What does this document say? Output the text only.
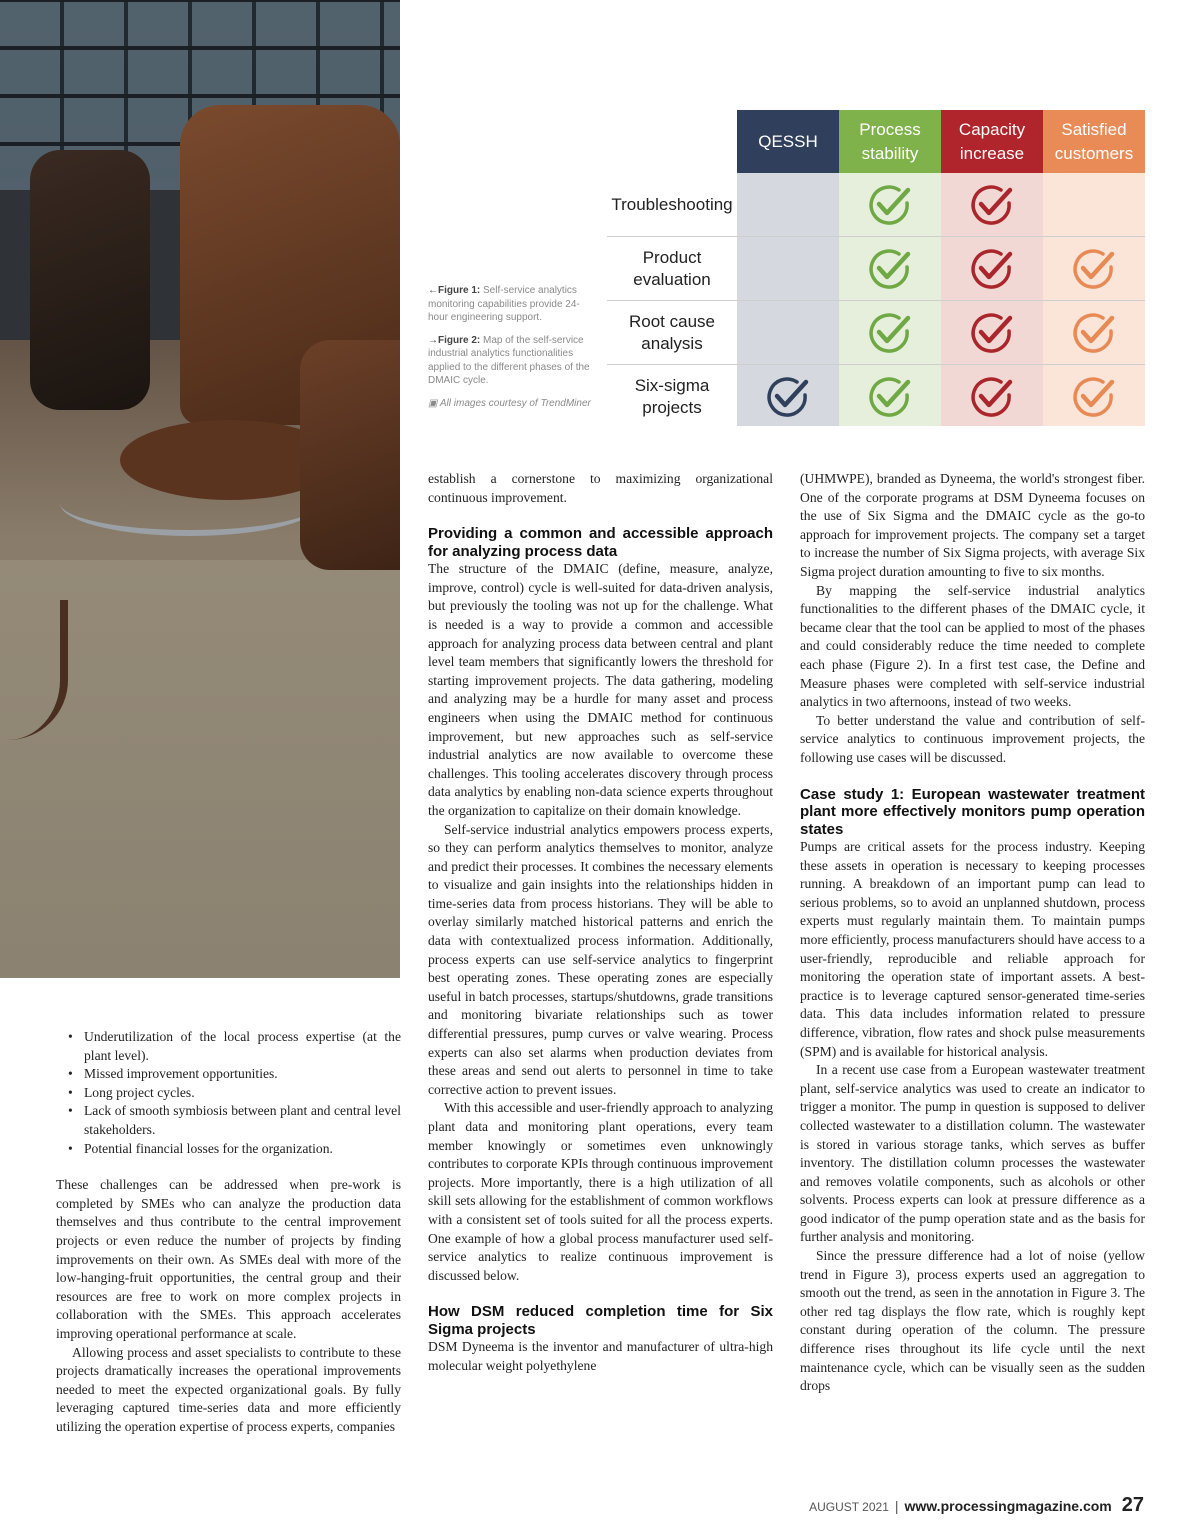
←Figure 1: Self-service analytics monitoring capabilities provide 24-hour engineering support.

→Figure 2: Map of the self-service industrial analytics functionalities applied to the different phases of the DMAIC cycle.

▣ All images courtesy of TrendMiner

QESSH
Process stability
Capacity increase
Satisfied customers
Troubleshooting
Product evaluation
Root cause analysis
Six-sigma projects
• Underutilization of the local process expertise (at the plant level).
• Missed improvement opportunities.
• Long project cycles.
• Lack of smooth symbiosis between plant and central level stakeholders.
• Potential financial losses for the organization.

These challenges can be addressed when pre-work is completed by SMEs who can analyze the production data themselves and thus contribute to the central improvement projects or even reduce the number of projects by finding improvements on their own. As SMEs deal with more of the low-hanging-fruit opportunities, the central group and their resources are free to work on more complex projects in collaboration with the SMEs. This approach accelerates improving operational performance at scale.

Allowing process and asset specialists to contribute to these projects dramatically increases the operational improvements needed to meet the expected organizational goals. By fully leveraging captured time-series data and more efficiently utilizing the operation expertise of process experts, companies

establish a cornerstone to maximizing organizational continuous improvement.

Providing a common and accessible approach for analyzing process data

The structure of the DMAIC (define, measure, analyze, improve, control) cycle is well-suited for data-driven analysis, but previously the tooling was not up for the challenge. What is needed is a way to provide a common and accessible approach for analyzing process data between central and plant level team members that significantly lowers the threshold for starting improvement projects. The data gathering, modeling and analyzing may be a hurdle for many asset and process engineers when using the DMAIC method for continuous improvement, but new approaches such as self-service industrial analytics are now available to overcome these challenges. This tooling accelerates discovery through process data analytics by enabling non-data science experts throughout the organization to capitalize on their domain knowledge.

Self-service industrial analytics empowers process experts, so they can perform analytics themselves to monitor, analyze and predict their processes. It combines the necessary elements to visualize and gain insights into the relationships hidden in time-series data from process historians. They will be able to overlay similarly matched historical patterns and enrich the data with contextualized process information. Additionally, process experts can use self-service analytics to fingerprint best operating zones. These operating zones are especially useful in batch processes, startups/shutdowns, grade transitions and monitoring bivariate relationships such as tower differential pressures, pump curves or valve wearing. Process experts can also set alarms when production deviates from these areas and send out alerts to personnel in time to take corrective action to prevent issues.

With this accessible and user-friendly approach to analyzing plant data and monitoring plant operations, every team member knowingly or sometimes even unknowingly contributes to corporate KPIs through continuous improvement projects. More importantly, there is a high utilization of all skill sets allowing for the establishment of common workflows with a consistent set of tools suited for all the process experts. One example of how a global process manufacturer used self-service analytics to realize continuous improvement is discussed below.

How DSM reduced completion time for Six Sigma projects

DSM Dyneema is the inventor and manufacturer of ultra-high molecular weight polyethylene

(UHMWPE), branded as Dyneema, the world's strongest fiber. One of the corporate programs at DSM Dyneema focuses on the use of Six Sigma and the DMAIC cycle as the go-to approach for improvement projects. The company set a target to increase the number of Six Sigma projects, with average Six Sigma project duration amounting to five to six months.

By mapping the self-service industrial analytics functionalities to the different phases of the DMAIC cycle, it became clear that the tool can be applied to most of the phases and could considerably reduce the time needed to complete each phase (Figure 2). In a first test case, the Define and Measure phases were completed with self-service industrial analytics in two afternoons, instead of two weeks.

To better understand the value and contribution of self-service analytics to continuous improvement projects, the following use cases will be discussed.

Case study 1: European wastewater treatment plant more effectively monitors pump operation states

Pumps are critical assets for the process industry. Keeping these assets in operation is necessary to keeping processes running. A breakdown of an important pump can lead to serious problems, so to avoid an unplanned shutdown, process experts must regularly maintain them. To maintain pumps more efficiently, process manufacturers should have access to a user-friendly, reproducible and reliable approach for monitoring the operation state of important assets. A best-practice is to leverage captured sensor-generated time-series data. This data includes information related to pressure difference, vibration, flow rates and shock pulse measurements (SPM) and is available for historical analysis.

In a recent use case from a European wastewater treatment plant, self-service analytics was used to create an indicator to trigger a monitor. The pump in question is supposed to deliver collected wastewater to a distillation column. The wastewater is stored in various storage tanks, which serves as buffer inventory. The distillation column processes the wastewater and removes volatile components, such as alcohols or other solvents. Process experts can look at pressure difference as a good indicator of the pump operation state and as the basis for further analysis and monitoring.

Since the pressure difference had a lot of noise (yellow trend in Figure 3), process experts used an aggregation to smooth out the trend, as seen in the annotation in Figure 3. The other red tag displays the flow rate, which is roughly kept constant during operation of the column. The pressure difference rises throughout its life cycle until the next maintenance cycle, which can be visually seen as the sudden drops

AUGUST 2021 | www.processingmagazine.com 27
